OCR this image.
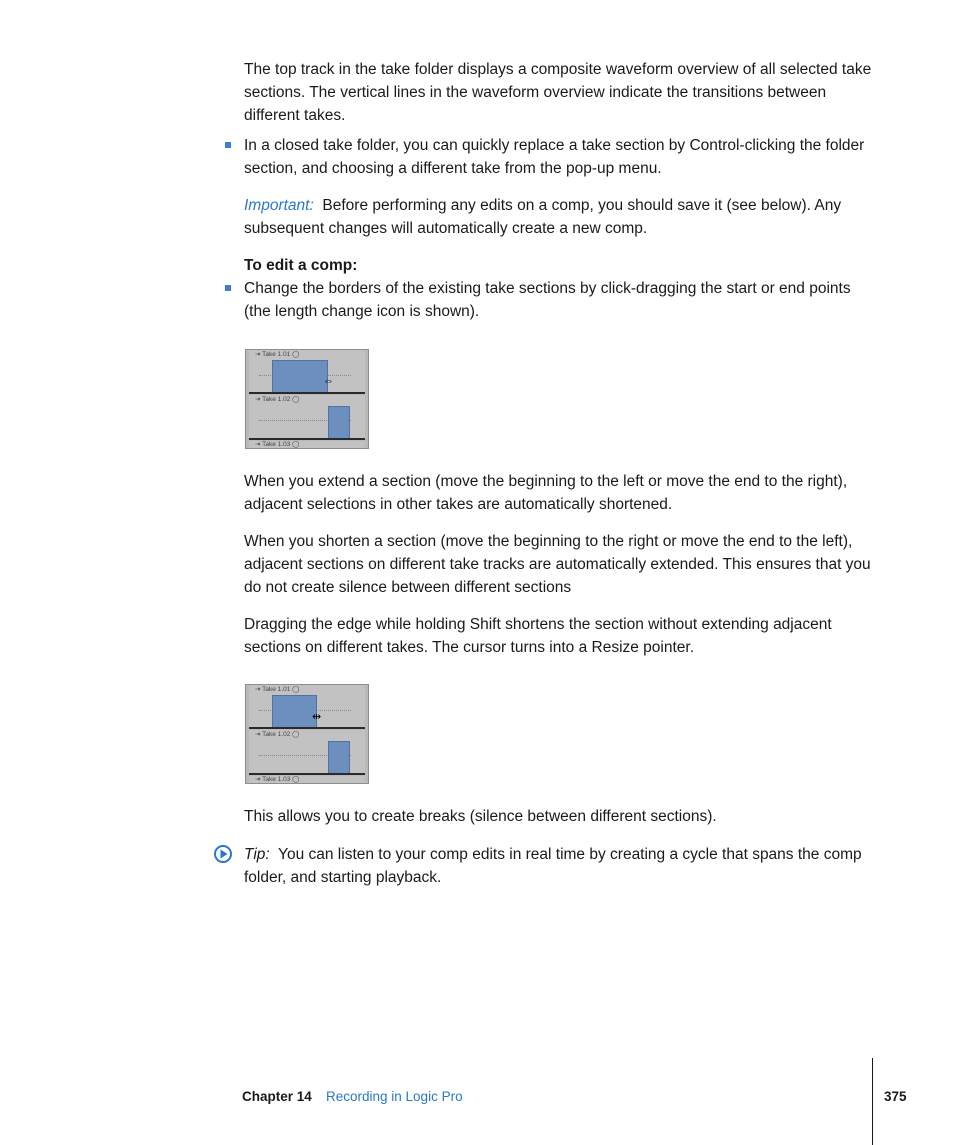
The top track in the take folder displays a composite waveform overview of all selected take sections. The vertical lines in the waveform overview indicate the transitions between different takes.

In a closed take folder, you can quickly replace a take section by Control-clicking the folder section, and choosing a different take from the pop-up menu.

Important: Before performing any edits on a comp, you should save it (see below). Any subsequent changes will automatically create a new comp.

To edit a comp:

Change the borders of the existing take sections by click-dragging the start or end points (the length change icon is shown).

⇥ Take 1.01 ◯
⇔
⇥ Take 1.02 ◯
⇥ Take 1.03 ◯

When you extend a section (move the beginning to the left or move the end to the right), adjacent selections in other takes are automatically shortened.

When you shorten a section (move the beginning to the right or move the end to the left), adjacent sections on different take tracks are automatically extended. This ensures that you do not create silence between different sections

Dragging the edge while holding Shift shortens the section without extending adjacent sections on different takes. The cursor turns into a Resize pointer.

⇥ Take 1.01 ◯
⇹
⇥ Take 1.02 ◯
⇥ Take 1.03 ◯

This allows you to create breaks (silence between different sections).

Tip: You can listen to your comp edits in real time by creating a cycle that spans the comp folder, and starting playback.

Chapter 14 Recording in Logic Pro	375
